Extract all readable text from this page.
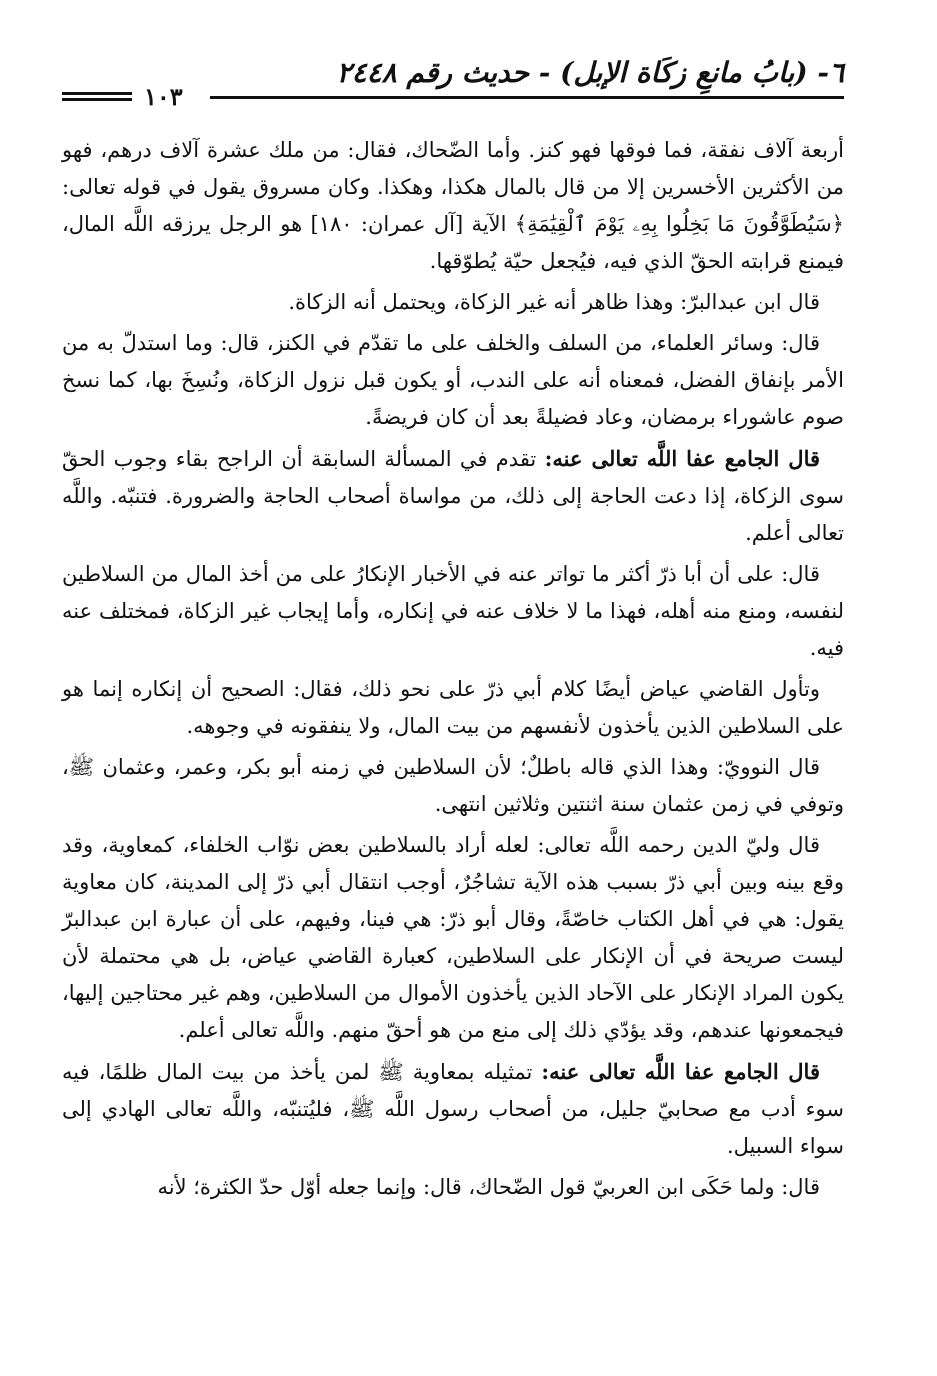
٦- (بابُ مانعِ زكَاة الإبل) - حديث رقم ٢٤٤٨
١٠٣

أربعة آلاف نفقة، فما فوقها فهو كنز. وأما الضّحاك، فقال: من ملك عشرة آلاف درهم، فهو من الأكثرين الأخسرين إلا من قال بالمال هكذا، وهكذا. وكان مسروق يقول في قوله تعالى: ﴿سَيُطَوَّقُونَ مَا بَخِلُوا بِهِۦ يَوْمَ ٱلْقِيَٰمَةِ﴾ الآية [آل عمران: ١٨٠] هو الرجل يرزقه اللَّه المال، فيمنع قرابته الحقّ الذي فيه، فيُجعل حيّة يُطوّقها.

قال ابن عبدالبرّ: وهذا ظاهر أنه غير الزكاة، ويحتمل أنه الزكاة.

قال: وسائر العلماء، من السلف والخلف على ما تقدّم في الكنز، قال: وما استدلّ به من الأمر بإنفاق الفضل، فمعناه أنه على الندب، أو يكون قبل نزول الزكاة، ونُسِخَ بها، كما نسخ صوم عاشوراء برمضان، وعاد فضيلةً بعد أن كان فريضةً.

قال الجامع عفا اللَّه تعالى عنه: تقدم في المسألة السابقة أن الراجح بقاء وجوب الحقّ سوى الزكاة، إذا دعت الحاجة إلى ذلك، من مواساة أصحاب الحاجة والضرورة. فتنبّه. واللَّه تعالى أعلم.

قال: على أن أبا ذرّ أكثر ما تواتر عنه في الأخبار الإنكارُ على من أخذ المال من السلاطين لنفسه، ومنع منه أهله، فهذا ما لا خلاف عنه في إنكاره، وأما إيجاب غير الزكاة، فمختلف عنه فيه.

وتأول القاضي عياض أيضًا كلام أبي ذرّ على نحو ذلك، فقال: الصحيح أن إنكاره إنما هو على السلاطين الذين يأخذون لأنفسهم من بيت المال، ولا ينفقونه في وجوهه.

قال النوويّ: وهذا الذي قاله باطلٌ؛ لأن السلاطين في زمنه أبو بكر، وعمر، وعثمان ﷺ، وتوفي في زمن عثمان سنة اثنتين وثلاثين انتهى.

قال وليّ الدين رحمه اللَّه تعالى: لعله أراد بالسلاطين بعض نوّاب الخلفاء، كمعاوية، وقد وقع بينه وبين أبي ذرّ بسبب هذه الآية تشاجُرٌ، أوجب انتقال أبي ذرّ إلى المدينة، كان معاوية يقول: هي في أهل الكتاب خاصّةً، وقال أبو ذرّ: هي فينا، وفيهم، على أن عبارة ابن عبدالبرّ ليست صريحة في أن الإنكار على السلاطين، كعبارة القاضي عياض، بل هي محتملة لأن يكون المراد الإنكار على الآحاد الذين يأخذون الأموال من السلاطين، وهم غير محتاجين إليها، فيجمعونها عندهم، وقد يؤدّي ذلك إلى منع من هو أحقّ منهم. واللَّه تعالى أعلم.

قال الجامع عفا اللَّه تعالى عنه: تمثيله بمعاوية ﷺ لمن يأخذ من بيت المال ظلمًا، فيه سوء أدب مع صحابيّ جليل، من أصحاب رسول اللَّه ﷺ، فليُتنبّه، واللَّه تعالى الهادي إلى سواء السبيل.

قال: ولما حَكَى ابن العربيّ قول الضّحاك، قال: وإنما جعله أوّل حدّ الكثرة؛ لأنه
